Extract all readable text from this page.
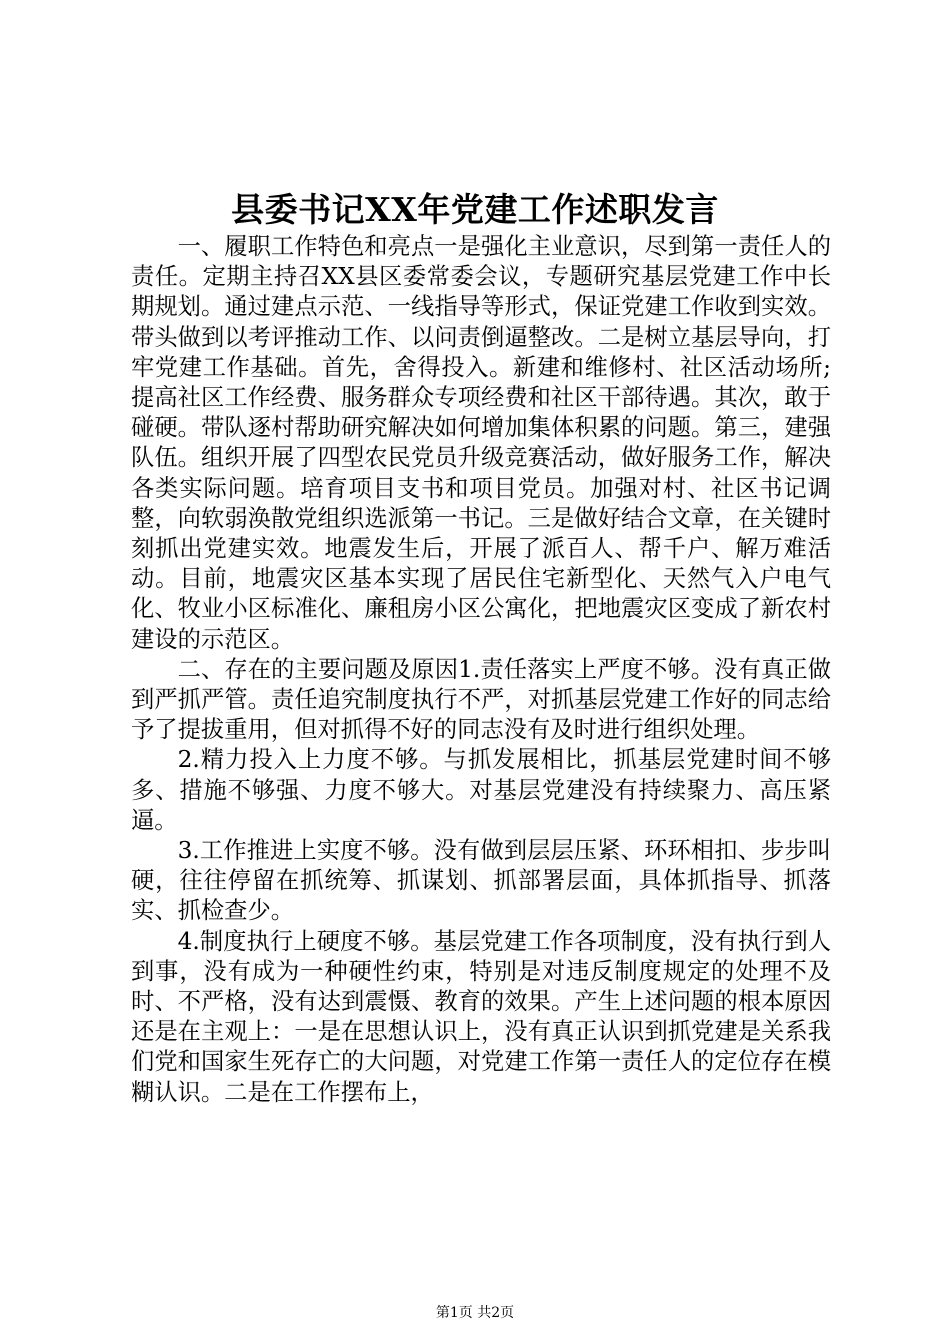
县委书记XX年党建工作述职发言

一、履职工作特色和亮点一是强化主业意识，尽到第一责任人的责任。定期主持召XX县区委常委会议，专题研究基层党建工作中长期规划。通过建点示范、一线指导等形式，保证党建工作收到实效。带头做到以考评推动工作、以问责倒逼整改。二是树立基层导向，打牢党建工作基础。首先，舍得投入。新建和维修村、社区活动场所;提高社区工作经费、服务群众专项经费和社区干部待遇。其次，敢于碰硬。带队逐村帮助研究解决如何增加集体积累的问题。第三，建强队伍。组织开展了四型农民党员升级竞赛活动，做好服务工作，解决各类实际问题。培育项目支书和项目党员。加强对村、社区书记调整，向软弱涣散党组织选派第一书记。三是做好结合文章，在关键时刻抓出党建实效。地震发生后，开展了派百人、帮千户、解万难活动。目前，地震灾区基本实现了居民住宅新型化、天然气入户电气化、牧业小区标准化、廉租房小区公寓化，把地震灾区变成了新农村建设的示范区。

二、存在的主要问题及原因1.责任落实上严度不够。没有真正做到严抓严管。责任追究制度执行不严，对抓基层党建工作好的同志给予了提拔重用，但对抓得不好的同志没有及时进行组织处理。

2.精力投入上力度不够。与抓发展相比，抓基层党建时间不够多、措施不够强、力度不够大。对基层党建没有持续聚力、高压紧逼。

3.工作推进上实度不够。没有做到层层压紧、环环相扣、步步叫硬，往往停留在抓统筹、抓谋划、抓部署层面，具体抓指导、抓落实、抓检查少。

4.制度执行上硬度不够。基层党建工作各项制度，没有执行到人到事，没有成为一种硬性约束，特别是对违反制度规定的处理不及时、不严格，没有达到震慑、教育的效果。产生上述问题的根本原因还是在主观上：一是在思想认识上，没有真正认识到抓党建是关系我们党和国家生死存亡的大问题，对党建工作第一责任人的定位存在模糊认识。二是在工作摆布上，

第1页 共2页
